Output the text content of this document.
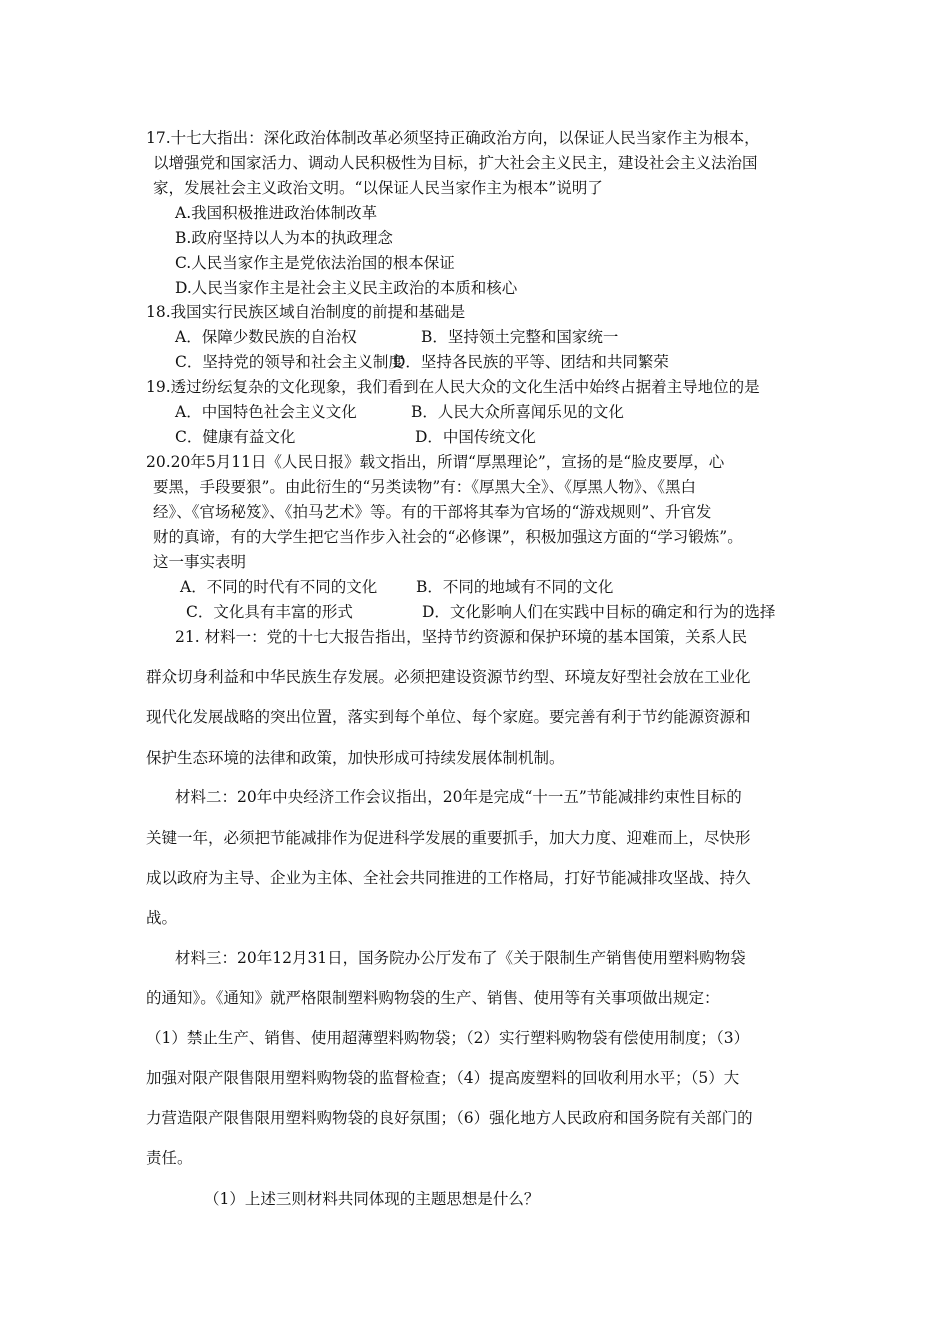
17.十七大指出：深化政治体制改革必须坚持正确政治方向，以保证人民当家作主为根本，
以增强党和国家活力、调动人民积极性为目标，扩大社会主义民主，建设社会主义法治国
家，发展社会主义政治文明。“以保证人民当家作主为根本”说明了
A.我国积极推进政治体制改革
B.政府坚持以人为本的执政理念
C.人民当家作主是党依法治国的根本保证
D.人民当家作主是社会主义民主政治的本质和核心
18.我国实行民族区域自治制度的前提和基础是
A．保障少数民族的自治权	B．坚持领土完整和国家统一
C．坚持党的领导和社会主义制度D．坚持各民族的平等、团结和共同繁荣
19.透过纷纭复杂的文化现象，我们看到在人民大众的文化生活中始终占据着主导地位的是
A．中国特色社会主义文化	B．人民大众所喜闻乐见的文化
C．健康有益文化	D．中国传统文化
20.20年5月11日《人民日报》载文指出，所谓“厚黑理论”，宣扬的是“脸皮要厚，心
要黑，手段要狠”。由此衍生的“另类读物”有：《厚黑大全》、《厚黑人物》、《黑白
经》、《官场秘笈》、《拍马艺术》等。有的干部将其奉为官场的“游戏规则”、升官发
财的真谛，有的大学生把它当作步入社会的“必修课”，积极加强这方面的“学习锻炼”。
这一事实表明
A．不同的时代有不同的文化	B．不同的地域有不同的文化
C．文化具有丰富的形式	D．文化影响人们在实践中目标的确定和行为的选择
21. 材料一：党的十七大报告指出，坚持节约资源和保护环境的基本国策，关系人民
群众切身利益和中华民族生存发展。必须把建设资源节约型、环境友好型社会放在工业化
现代化发展战略的突出位置，落实到每个单位、每个家庭。要完善有利于节约能源资源和
保护生态环境的法律和政策，加快形成可持续发展体制机制。
材料二：20年中央经济工作会议指出，20年是完成“十一五”节能减排约束性目标的
关键一年，必须把节能减排作为促进科学发展的重要抓手，加大力度、迎难而上，尽快形
成以政府为主导、企业为主体、全社会共同推进的工作格局，打好节能减排攻坚战、持久
战。
材料三：20年12月31日，国务院办公厅发布了《关于限制生产销售使用塑料购物袋
的通知》。《通知》就严格限制塑料购物袋的生产、销售、使用等有关事项做出规定：
（1）禁止生产、销售、使用超薄塑料购物袋；（2）实行塑料购物袋有偿使用制度；（3）
加强对限产限售限用塑料购物袋的监督检查；（4）提高废塑料的回收利用水平；（5）大
力营造限产限售限用塑料购物袋的良好氛围；（6）强化地方人民政府和国务院有关部门的
责任。
（1）上述三则材料共同体现的主题思想是什么？
